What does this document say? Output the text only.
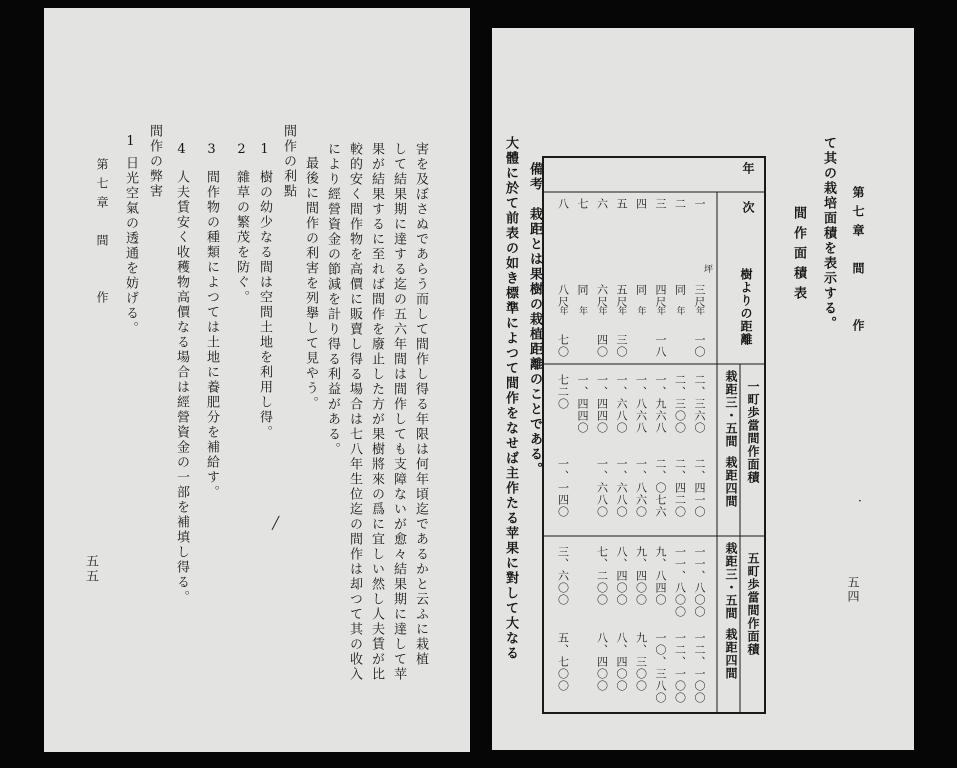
害を及ぼさぬであらう而して間作し得る年限は何年頃迄であるかと云ふに栽植
して結果期に達する迄の五六年間は間作しても支障ないが愈々結果期に達して苹
果が結果するに至れば間作を廢止した方が果樹將來の爲に宜しい然し人夫賃が比
較的安く間作物を高價に販賣し得る場合は七八年生位迄の間作は却つて其の收入
により經營資金の節減を計り得る利益がある。
最後に間作の利害を列擧して見やう。
間作の利點
1
樹の幼少なる間は空間土地を利用し得。
2
雜草の繁茂を防ぐ。
3
間作物の種類によつては土地に養肥分を補給す。
4
人夫賃安く收穫物高價なる場合は經營資金の一部を補填し得る。
間作の弊害
1
日光空氣の透通を妨げる。
第七章　間　　作
五五
╱
第七章　間　　作
て其の栽培面積を表示する。
間作面積表
年　　次
樹よりの距離
一町歩當間作面積
五町歩當間作面積
栽距三・五間
栽距四間
栽距三・五間
栽距四間
坪
一
三尺
一〇
二、三六〇
二、四一〇
一一、八〇〇
一二、一〇〇
年
二
同
二、三〇〇
二、四二〇
一一、八〇〇
一二、一〇〇
年
三
四尺
一八
一、九六八
二、〇七六
九、八四〇
一〇、三八〇
年
四
同
一、八六八
一、八六〇
九、四〇〇
九、三〇〇
年
五
五尺
三〇
一、六八〇
一、六八〇
八、四〇〇
八、四〇〇
年
六
六尺
四〇
一、四四〇
一、六八〇
七、二〇〇
八、四〇〇
年
七
同
一、四四〇
年
八
八尺
七〇
七二〇
一、一四〇
三、六〇〇
五、七〇〇
年
備考　栽距とは果樹の栽植距離のことである。
大體に於て前表の如き標準によつて間作をなせば主作たる苹果に對して大なる	五四
·
